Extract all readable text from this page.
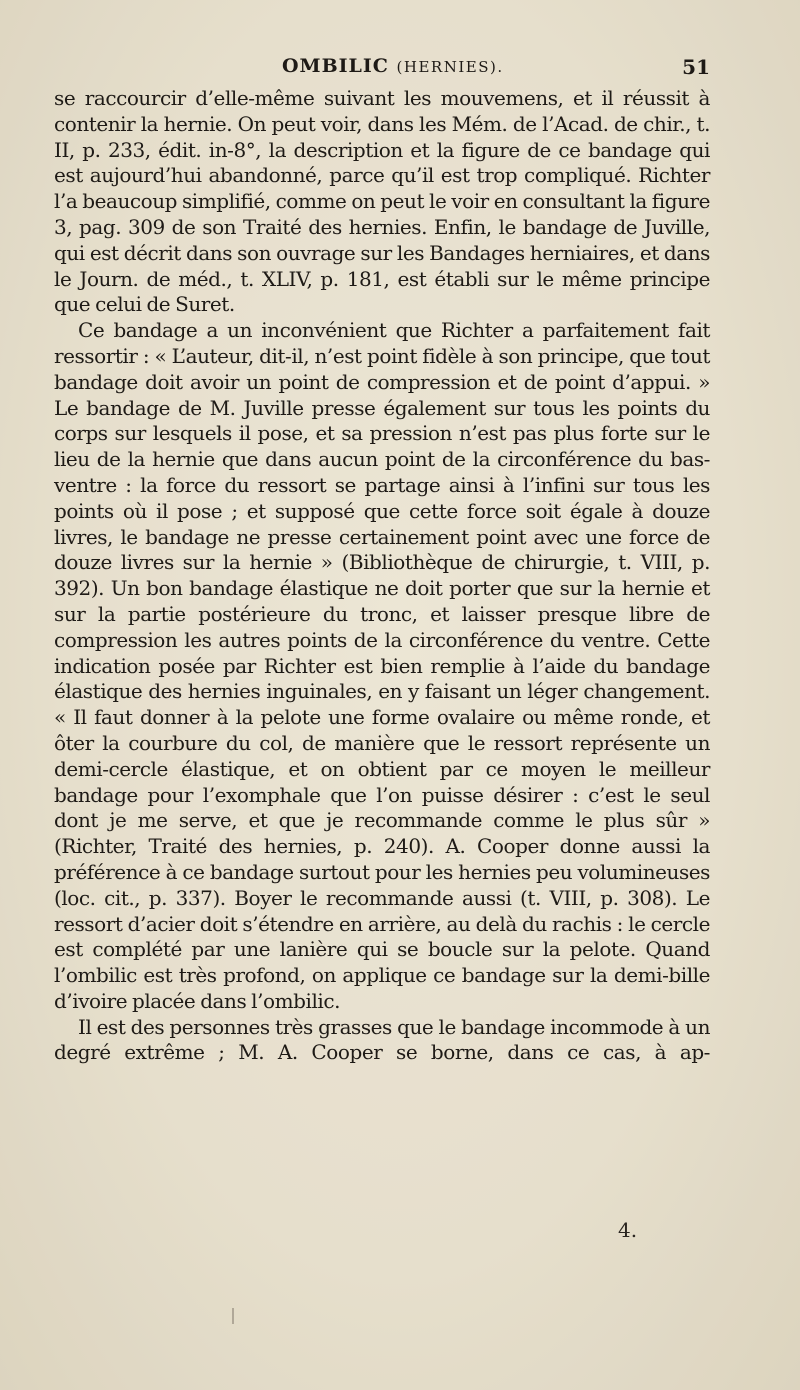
OMBILIC (HERNIES).	51

se raccourcir d’elle-même suivant les mouvemens, et il réussit à contenir la hernie. On peut voir, dans les Mém. de l’Acad. de chir., t. II, p. 233, édit. in-8°, la description et la figure de ce bandage qui est aujourd’hui abandonné, parce qu’il est trop compliqué. Richter l’a beaucoup simplifié, comme on peut le voir en consultant la figure 3, pag. 309 de son Traité des hernies. Enfin, le bandage de Juville, qui est décrit dans son ouvrage sur les Bandages herniaires, et dans le Journ. de méd., t. XLIV, p. 181, est établi sur le même principe que celui de Suret.

Ce bandage a un inconvénient que Richter a parfaitement fait ressortir : « L’auteur, dit-il, n’est point fidèle à son principe, que tout bandage doit avoir un point de compression et de point d’appui. » Le bandage de M. Juville presse également sur tous les points du corps sur lesquels il pose, et sa pression n’est pas plus forte sur le lieu de la hernie que dans aucun point de la circonférence du bas-ventre : la force du ressort se partage ainsi à l’infini sur tous les points où il pose ; et supposé que cette force soit égale à douze livres, le bandage ne presse certainement point avec une force de douze livres sur la hernie » (Bibliothèque de chirurgie, t. VIII, p. 392). Un bon bandage élastique ne doit porter que sur la hernie et sur la partie postérieure du tronc, et laisser presque libre de compression les autres points de la circonférence du ventre. Cette indication posée par Richter est bien remplie à l’aide du bandage élastique des hernies inguinales, en y faisant un léger changement. « Il faut donner à la pelote une forme ovalaire ou même ronde, et ôter la courbure du col, de manière que le ressort représente un demi-cercle élastique, et on obtient par ce moyen le meilleur bandage pour l’exomphale que l’on puisse désirer : c’est le seul dont je me serve, et que je recommande comme le plus sûr » (Richter, Traité des hernies, p. 240). A. Cooper donne aussi la préférence à ce bandage surtout pour les hernies peu volumineuses (loc. cit., p. 337). Boyer le recommande aussi (t. VIII, p. 308). Le ressort d’acier doit s’étendre en arrière, au delà du rachis : le cercle est complété par une lanière qui se boucle sur la pelote. Quand l’ombilic est très profond, on applique ce bandage sur la demi-bille d’ivoire placée dans l’ombilic.

Il est des personnes très grasses que le bandage incommode à un degré extrême ; M. A. Cooper se borne, dans ce cas, à ap-

4.
